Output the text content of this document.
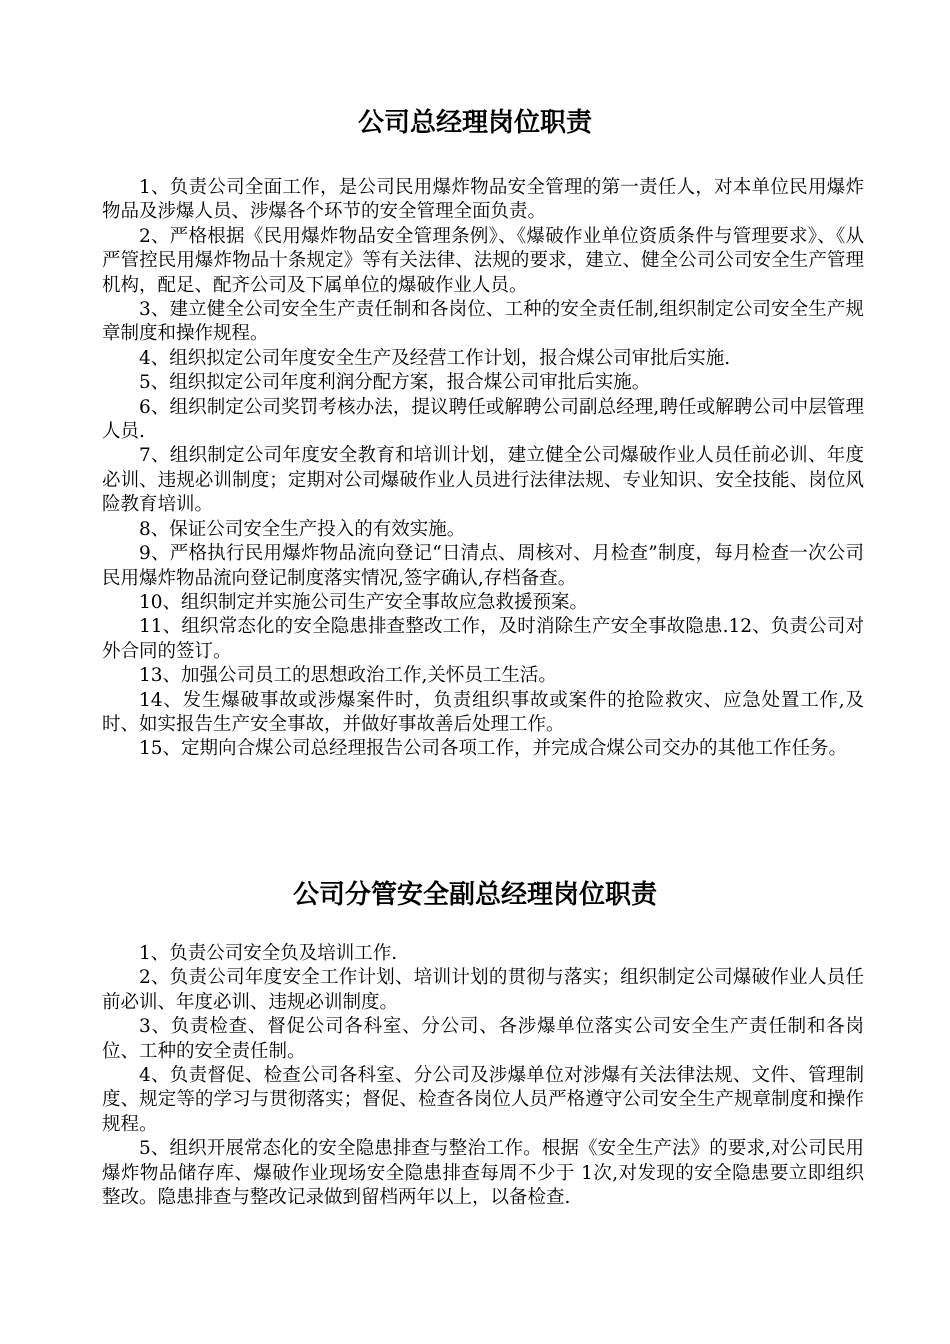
公司总经理岗位职责

1、负责公司全面工作，是公司民用爆炸物品安全管理的第一责任人，对本单位民用爆炸物品及涉爆人员、涉爆各个环节的安全管理全面负责。

2、严格根据《民用爆炸物品安全管理条例》、《爆破作业单位资质条件与管理要求》、《从严管控民用爆炸物品十条规定》等有关法律、法规的要求，建立、健全公司公司安全生产管理机构，配足、配齐公司及下属单位的爆破作业人员。

3、建立健全公司安全生产责任制和各岗位、工种的安全责任制,组织制定公司安全生产规章制度和操作规程。

4、组织拟定公司年度安全生产及经营工作计划，报合煤公司审批后实施.

5、组织拟定公司年度利润分配方案，报合煤公司审批后实施。

6、组织制定公司奖罚考核办法，提议聘任或解聘公司副总经理,聘任或解聘公司中层管理人员.

7、组织制定公司年度安全教育和培训计划，建立健全公司爆破作业人员任前必训、年度必训、违规必训制度；定期对公司爆破作业人员进行法律法规、专业知识、安全技能、岗位风险教育培训。

8、保证公司安全生产投入的有效实施。

9、严格执行民用爆炸物品流向登记“日清点、周核对、月检查”制度，每月检查一次公司民用爆炸物品流向登记制度落实情况,签字确认,存档备查。

10、组织制定并实施公司生产安全事故应急救援预案。

11、组织常态化的安全隐患排查整改工作，及时消除生产安全事故隐患.12、负责公司对外合同的签订。

13、加强公司员工的思想政治工作,关怀员工生活。

14、发生爆破事故或涉爆案件时，负责组织事故或案件的抢险救灾、应急处置工作,及时、如实报告生产安全事故，并做好事故善后处理工作。

15、定期向合煤公司总经理报告公司各项工作，并完成合煤公司交办的其他工作任务。

公司分管安全副总经理岗位职责

1、负责公司安全负及培训工作.

2、负责公司年度安全工作计划、培训计划的贯彻与落实；组织制定公司爆破作业人员任前必训、年度必训、违规必训制度。

3、负责检查、督促公司各科室、分公司、各涉爆单位落实公司安全生产责任制和各岗位、工种的安全责任制。

4、负责督促、检查公司各科室、分公司及涉爆单位对涉爆有关法律法规、文件、管理制度、规定等的学习与贯彻落实；督促、检查各岗位人员严格遵守公司安全生产规章制度和操作规程。

5、组织开展常态化的安全隐患排查与整治工作。根据《安全生产法》的要求,对公司民用爆炸物品储存库、爆破作业现场安全隐患排查每周不少于 1次,对发现的安全隐患要立即组织整改。隐患排查与整改记录做到留档两年以上，以备检查.
